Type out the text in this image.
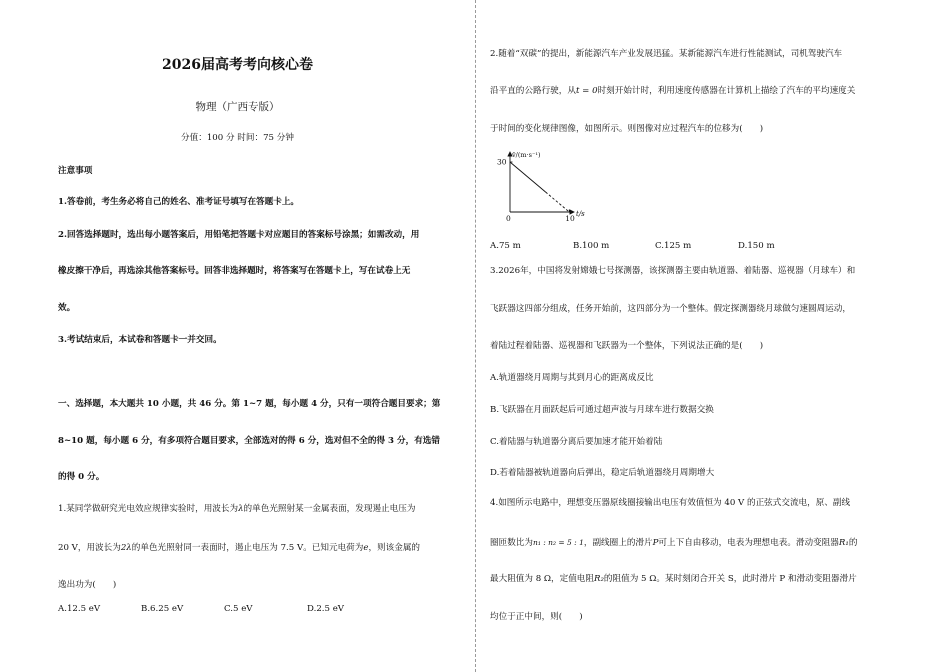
2026届高考考向核心卷
物理（广西专版）
分值：100 分 时间：75 分钟
注意事项
1.答卷前，考生务必将自己的姓名、准考证号填写在答题卡上。
2.回答选择题时，选出每小题答案后，用铅笔把答题卡对应题目的答案标号涂黑；如需改动，用
橡皮擦干净后，再选涂其他答案标号。回答非选择题时，将答案写在答题卡上，写在试卷上无
效。
3.考试结束后，本试卷和答题卡一并交回。
一、选择题，本大题共 10 小题，共 46 分。第 1~7 题，每小题 4 分，只有一项符合题目要求；第
8~10 题，每小题 6 分，有多项符合题目要求，全部选对的得 6 分，选对但不全的得 3 分，有选错
的得 0 分。
1.某同学做研究光电效应规律实验时，用波长为λ的单色光照射某一金属表面，发现遏止电压为
20 V，用波长为2λ的单色光照射同一表面时，遏止电压为 7.5 V。已知元电荷为e，则该金属的
逸出功为(　　)
A.12.5 eV	B.6.25 eV	C.5 eV	D.2.5 eV
2.随着“双碳”的提出，新能源汽车产业发展迅猛。某新能源汽车进行性能测试，司机驾驶汽车
沿平直的公路行驶，从t = 0时刻开始计时，利用速度传感器在计算机上描绘了汽车的平均速度关
于时间的变化规律图像，如图所示。则图像对应过程汽车的位移为(　　)
v̄/(m·s⁻¹)
t/s
0
30
10
A.75 m	B.100 m	C.125 m	D.150 m
3.2026年，中国将发射嫦娥七号探测器，该探测器主要由轨道器、着陆器、巡视器（月球车）和
飞跃器这四部分组成，任务开始前，这四部分为一个整体。假定探测器绕月球做匀速圆周运动，
着陆过程着陆器、巡视器和飞跃器为一个整体，下列说法正确的是(　　)
A.轨道器绕月周期与其到月心的距离成反比
B.飞跃器在月面跃起后可通过超声波与月球车进行数据交换
C.着陆器与轨道器分离后要加速才能开始着陆
D.若着陆器被轨道器向后弹出，稳定后轨道器绕月周期增大
4.如图所示电路中，理想变压器原线圈接输出电压有效值恒为 40 V 的正弦式交流电，原、副线
圈匝数比为n₁ : n₂ = 5 : 1，副线圈上的滑片P可上下自由移动，电表为理想电表。滑动变阻器R₁的
最大阻值为 8 Ω，定值电阻R₂的阻值为 5 Ω。某时刻闭合开关 S，此时滑片 P 和滑动变阻器滑片
均位于正中间，则(　　)
